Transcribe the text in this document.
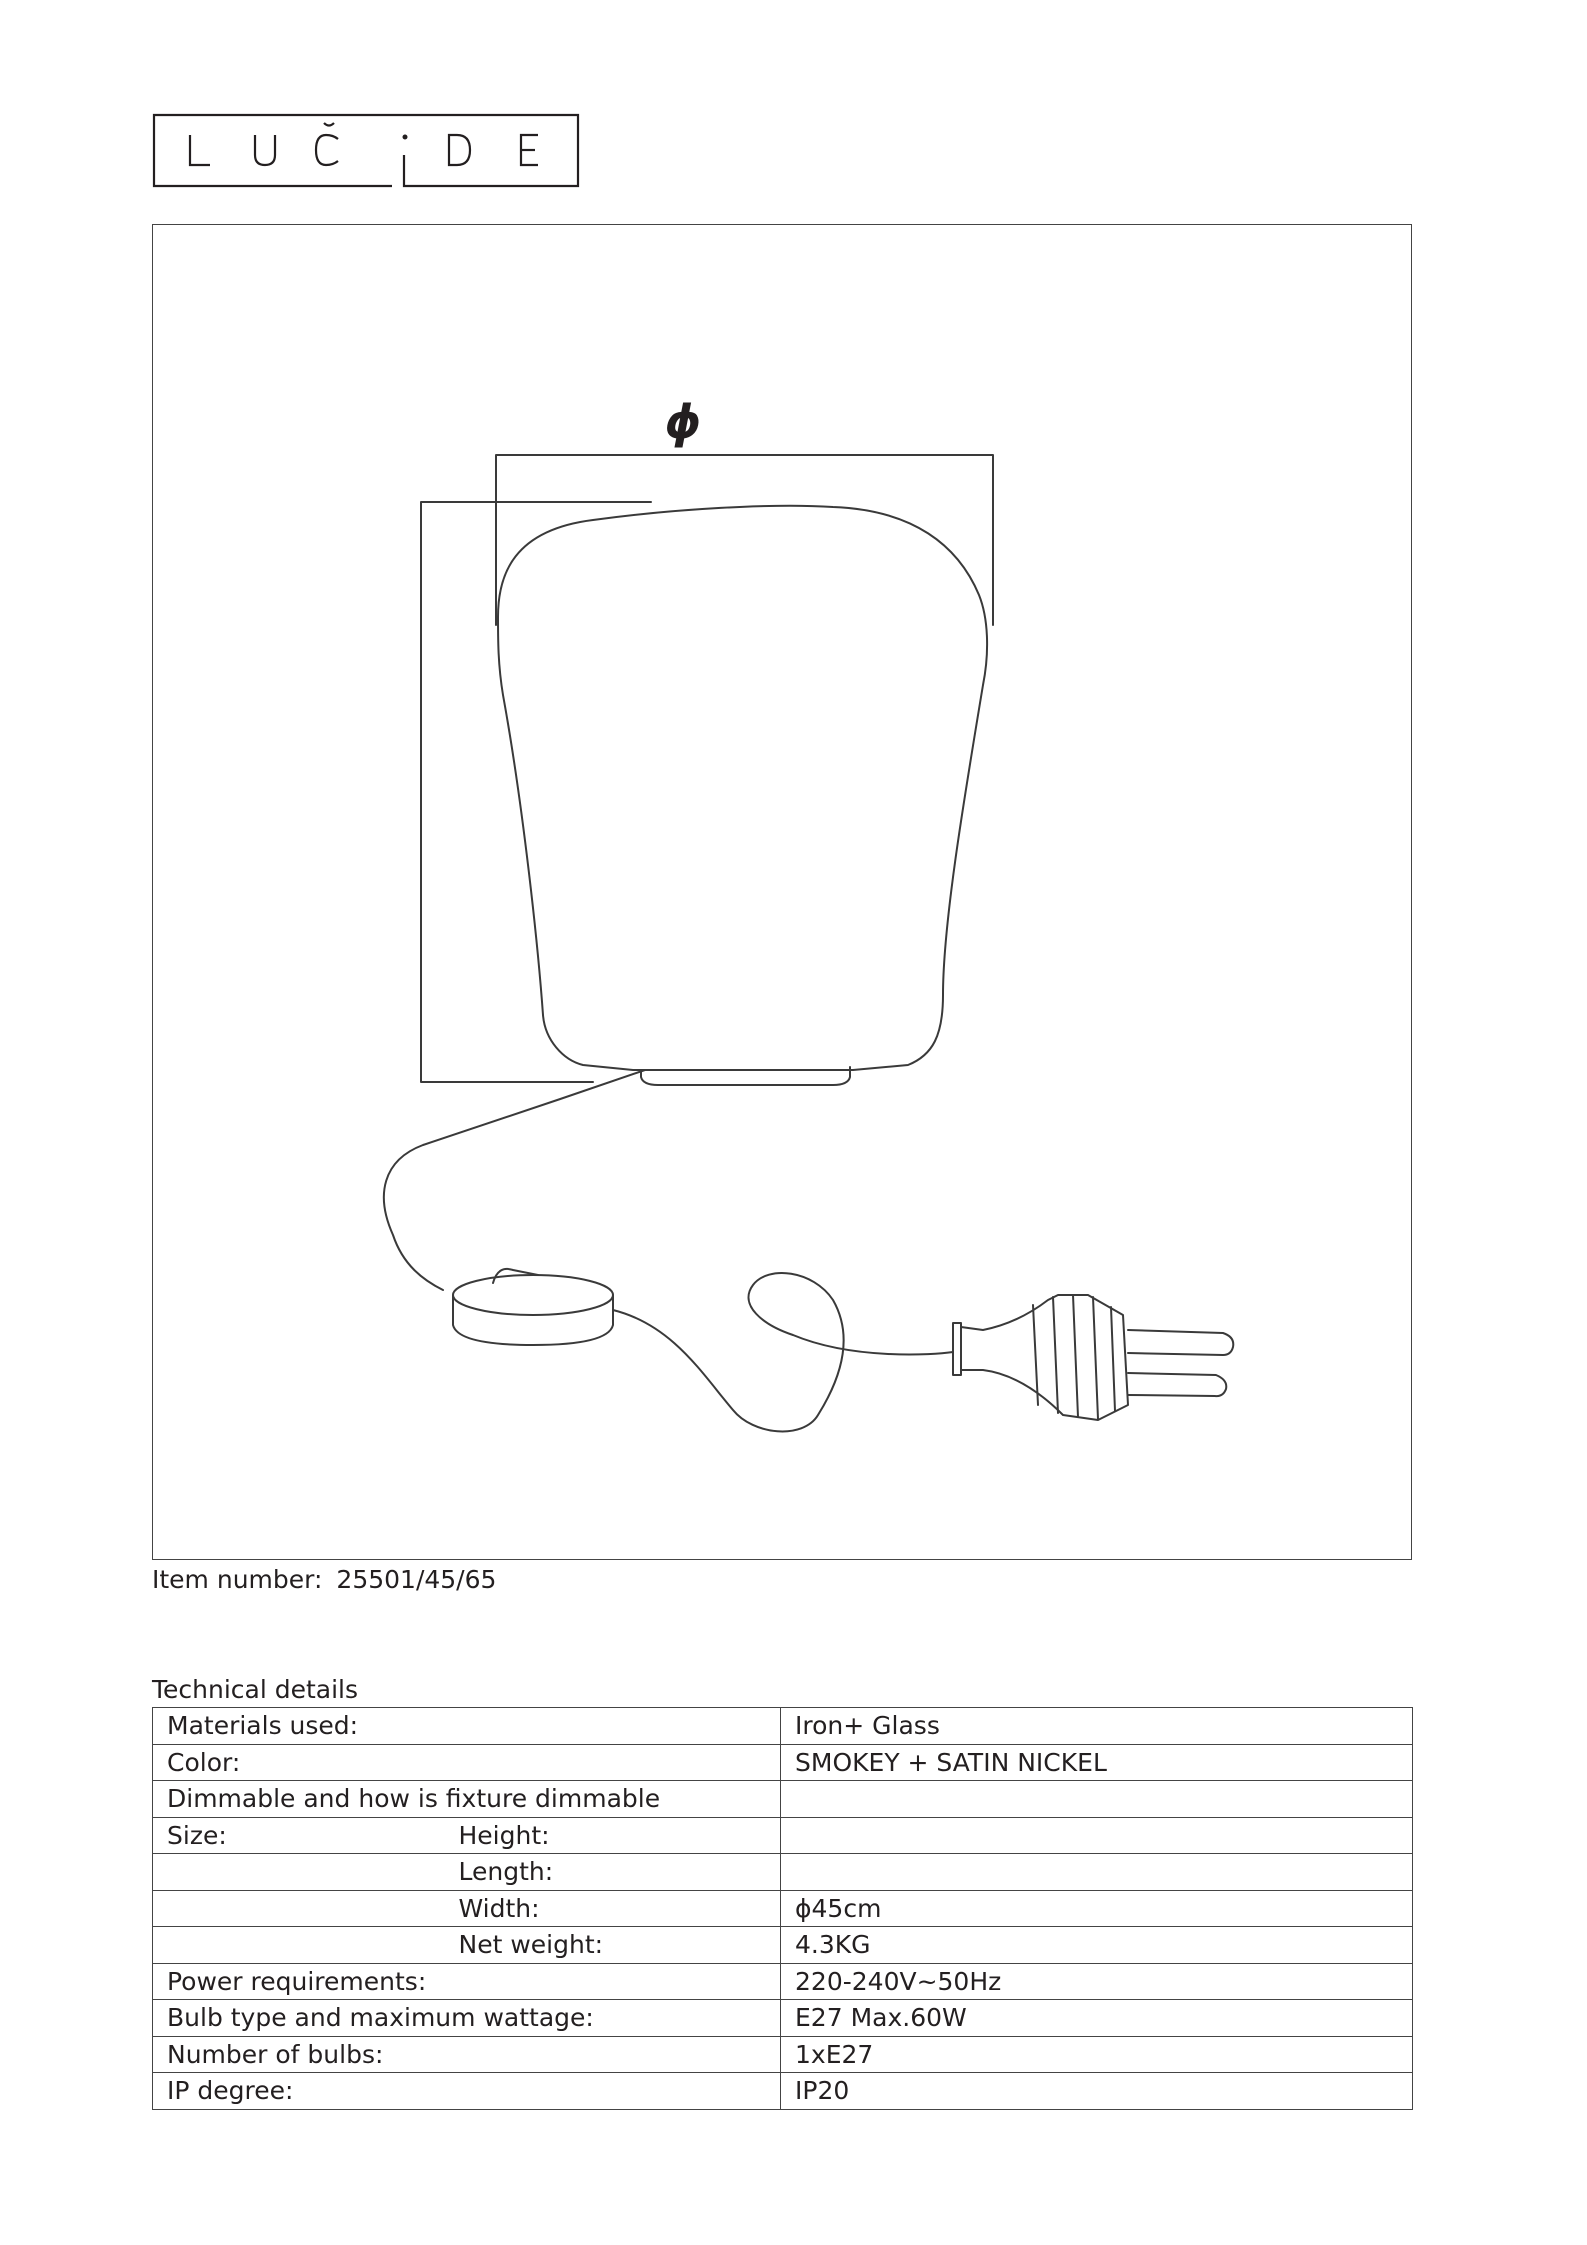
ϕ
Item number: 25501/45/65
Technical details
Materials used:		Iron+ Glass
Color:		SMOKEY + SATIN NICKEL
Dimmable and how is fixture dimmable		
Size:	Height:	
	Length:	
	Width:	ϕ45cm
	Net weight:	4.3KG
Power requirements:		220-240V~50Hz
Bulb type and maximum wattage:		E27 Max.60W
Number of bulbs:		1xE27
IP degree:		IP20
